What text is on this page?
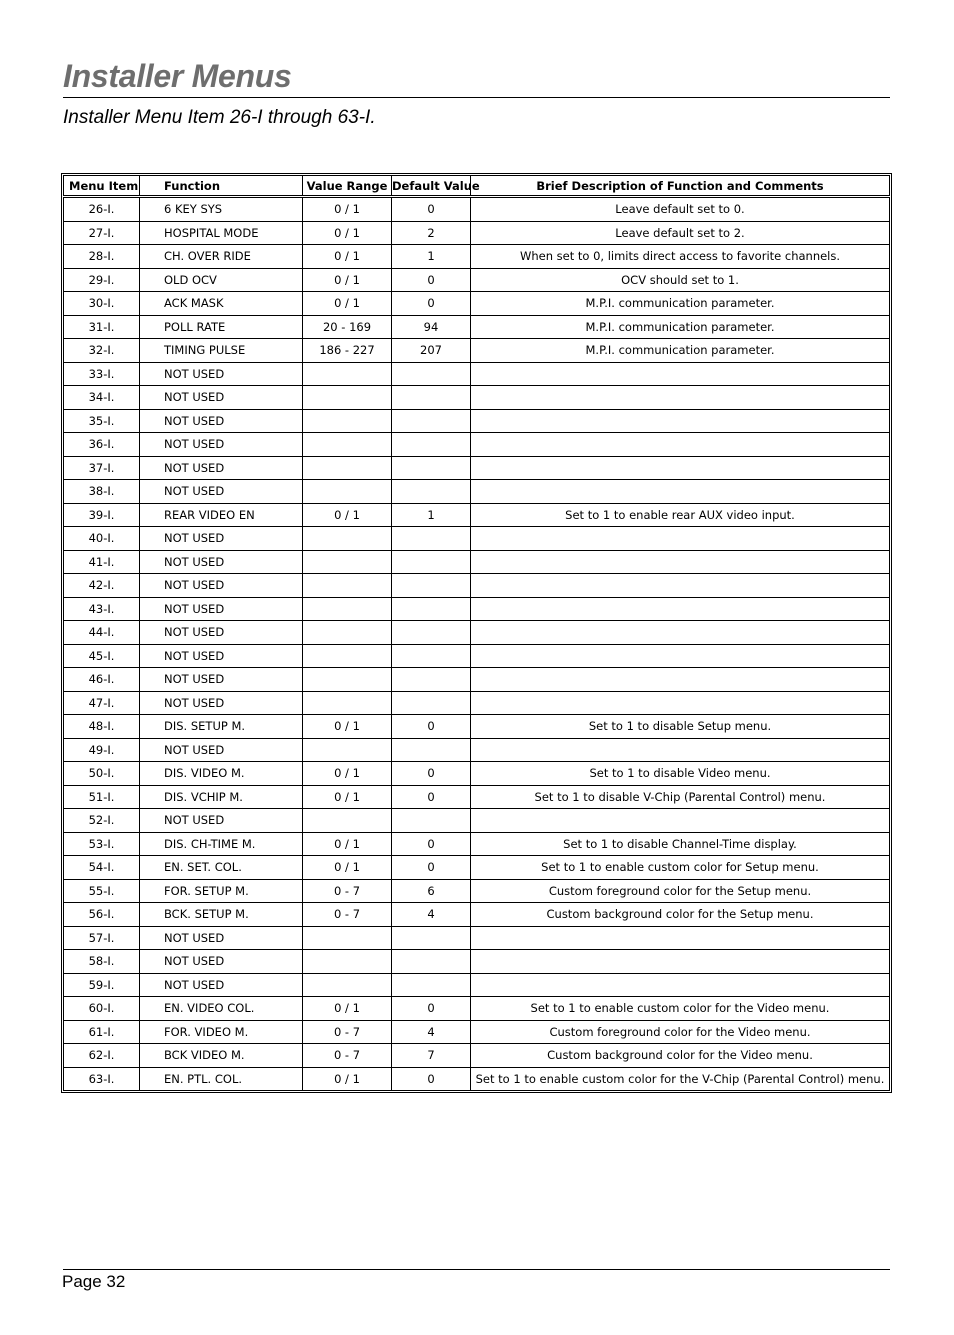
Installer Menus
Installer Menu Item 26-I through 63-I.
Menu Item	Function	Value Range	Default Value	Brief Description of Function and Comments
26-I.	6 KEY SYS	0 / 1	0	Leave default set to 0.
27-I.	HOSPITAL MODE	0 / 1	2	Leave default set to 2.
28-I.	CH. OVER RIDE	0 / 1	1	When set to 0, limits direct access to favorite channels.
29-I.	OLD OCV	0 / 1	0	OCV should set to 1.
30-I.	ACK MASK	0 / 1	0	M.P.I. communication parameter.
31-I.	POLL RATE	20 - 169	94	M.P.I. communication parameter.
32-I.	TIMING PULSE	186 - 227	207	M.P.I. communication parameter.
33-I.	NOT USED			
34-I.	NOT USED			
35-I.	NOT USED			
36-I.	NOT USED			
37-I.	NOT USED			
38-I.	NOT USED			
39-I.	REAR VIDEO EN	0 / 1	1	Set to 1 to enable rear AUX video input.
40-I.	NOT USED			
41-I.	NOT USED			
42-I.	NOT USED			
43-I.	NOT USED			
44-I.	NOT USED			
45-I.	NOT USED			
46-I.	NOT USED			
47-I.	NOT USED			
48-I.	DIS. SETUP M.	0 / 1	0	Set to 1 to disable Setup menu.
49-I.	NOT USED			
50-I.	DIS. VIDEO M.	0 / 1	0	Set to 1 to disable Video menu.
51-I.	DIS. VCHIP M.	0 / 1	0	Set to 1 to disable V-Chip (Parental Control) menu.
52-I.	NOT USED			
53-I.	DIS. CH-TIME M.	0 / 1	0	Set to 1 to disable Channel-Time display.
54-I.	EN. SET. COL.	0 / 1	0	Set to 1 to enable custom color for Setup menu.
55-I.	FOR. SETUP M.	0 - 7	6	Custom foreground color for the Setup menu.
56-I.	BCK. SETUP M.	0 - 7	4	Custom background color for the Setup menu.
57-I.	NOT USED			
58-I.	NOT USED			
59-I.	NOT USED			
60-I.	EN. VIDEO COL.	0 / 1	0	Set to 1 to enable custom color for the Video menu.
61-I.	FOR. VIDEO M.	0 - 7	4	Custom foreground color for the Video menu.
62-I.	BCK VIDEO M.	0 - 7	7	Custom background color for the Video menu.
63-I.	EN. PTL. COL.	0 / 1	0	Set to 1 to enable custom color for the V-Chip (Parental Control) menu.
Page 32
